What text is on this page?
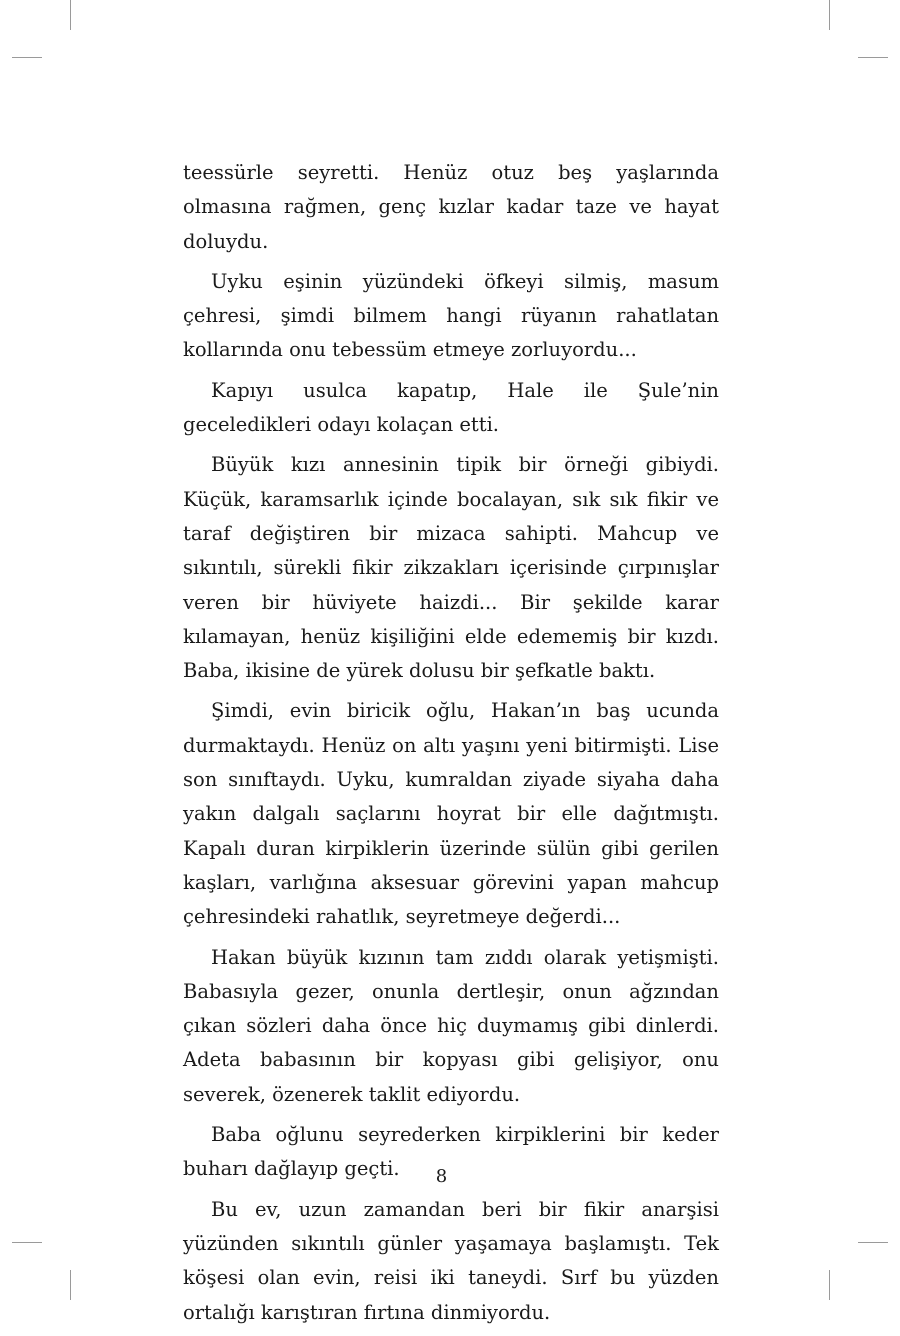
teessürle seyretti. Henüz otuz beş yaşlarında olmasına rağmen, genç kızlar kadar taze ve hayat doluydu.

Uyku eşinin yüzündeki öfkeyi silmiş, masum çehresi, şimdi bilmem hangi rüyanın rahatlatan kollarında onu tebessüm etmeye zorluyordu...

Kapıyı usulca kapatıp, Hale ile Şule’nin geceledikleri odayı kolaçan etti.

Büyük kızı annesinin tipik bir örneği gibiydi. Küçük, karamsarlık içinde bocalayan, sık sık fikir ve taraf değiştiren bir mizaca sahipti. Mahcup ve sıkıntılı, sürekli fikir zikzakları içerisinde çırpınışlar veren bir hüviyete haizdi... Bir şekilde karar kılamayan, henüz kişiliğini elde edememiş bir kızdı. Baba, ikisine de yürek dolusu bir şefkatle baktı.

Şimdi, evin biricik oğlu, Hakan’ın baş ucunda durmaktaydı. Henüz on altı yaşını yeni bitirmişti. Lise son sınıftaydı. Uyku, kumraldan ziyade siyaha daha yakın dalgalı saçlarını hoyrat bir elle dağıtmıştı. Kapalı duran kirpiklerin üzerinde sülün gibi gerilen kaşları, varlığına aksesuar görevini yapan mahcup çehresindeki rahatlık, seyretmeye değerdi...

Hakan büyük kızının tam zıddı olarak yetişmişti. Babasıyla gezer, onunla dertleşir, onun ağzından çıkan sözleri daha önce hiç duymamış gibi dinlerdi. Adeta babasının bir kopyası gibi gelişiyor, onu severek, özenerek taklit ediyordu.

Baba oğlunu seyrederken kirpiklerini bir keder buharı dağlayıp geçti.

Bu ev, uzun zamandan beri bir fikir anarşisi yüzünden sıkıntılı günler yaşamaya başlamıştı. Tek köşesi olan evin, reisi iki taneydi. Sırf bu yüzden ortalığı karıştıran fırtına dinmiyordu.

8
